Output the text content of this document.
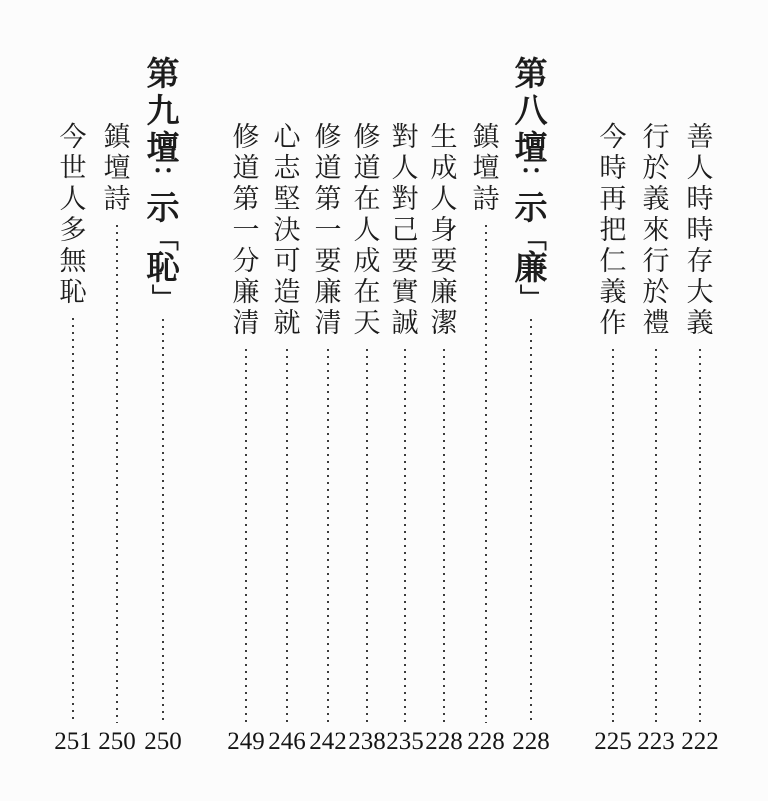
善
人
時
時
存
大
義
222
行
於
義
來
行
於
禮
223
今
時
再
把
仁
義
作
225
第
八
壇
：
示
「
廉
」
228
鎮
壇
詩
228
生
成
人
身
要
廉
潔
228
對
人
對
己
要
實
誠
235
修
道
在
人
成
在
天
238
修
道
第
一
要
廉
清
242
心
志
堅
決
可
造
就
246
修
道
第
一
分
廉
清
249
第
九
壇
：
示
「
恥
」
250
鎮
壇
詩
250
今
世
人
多
無
恥
251
